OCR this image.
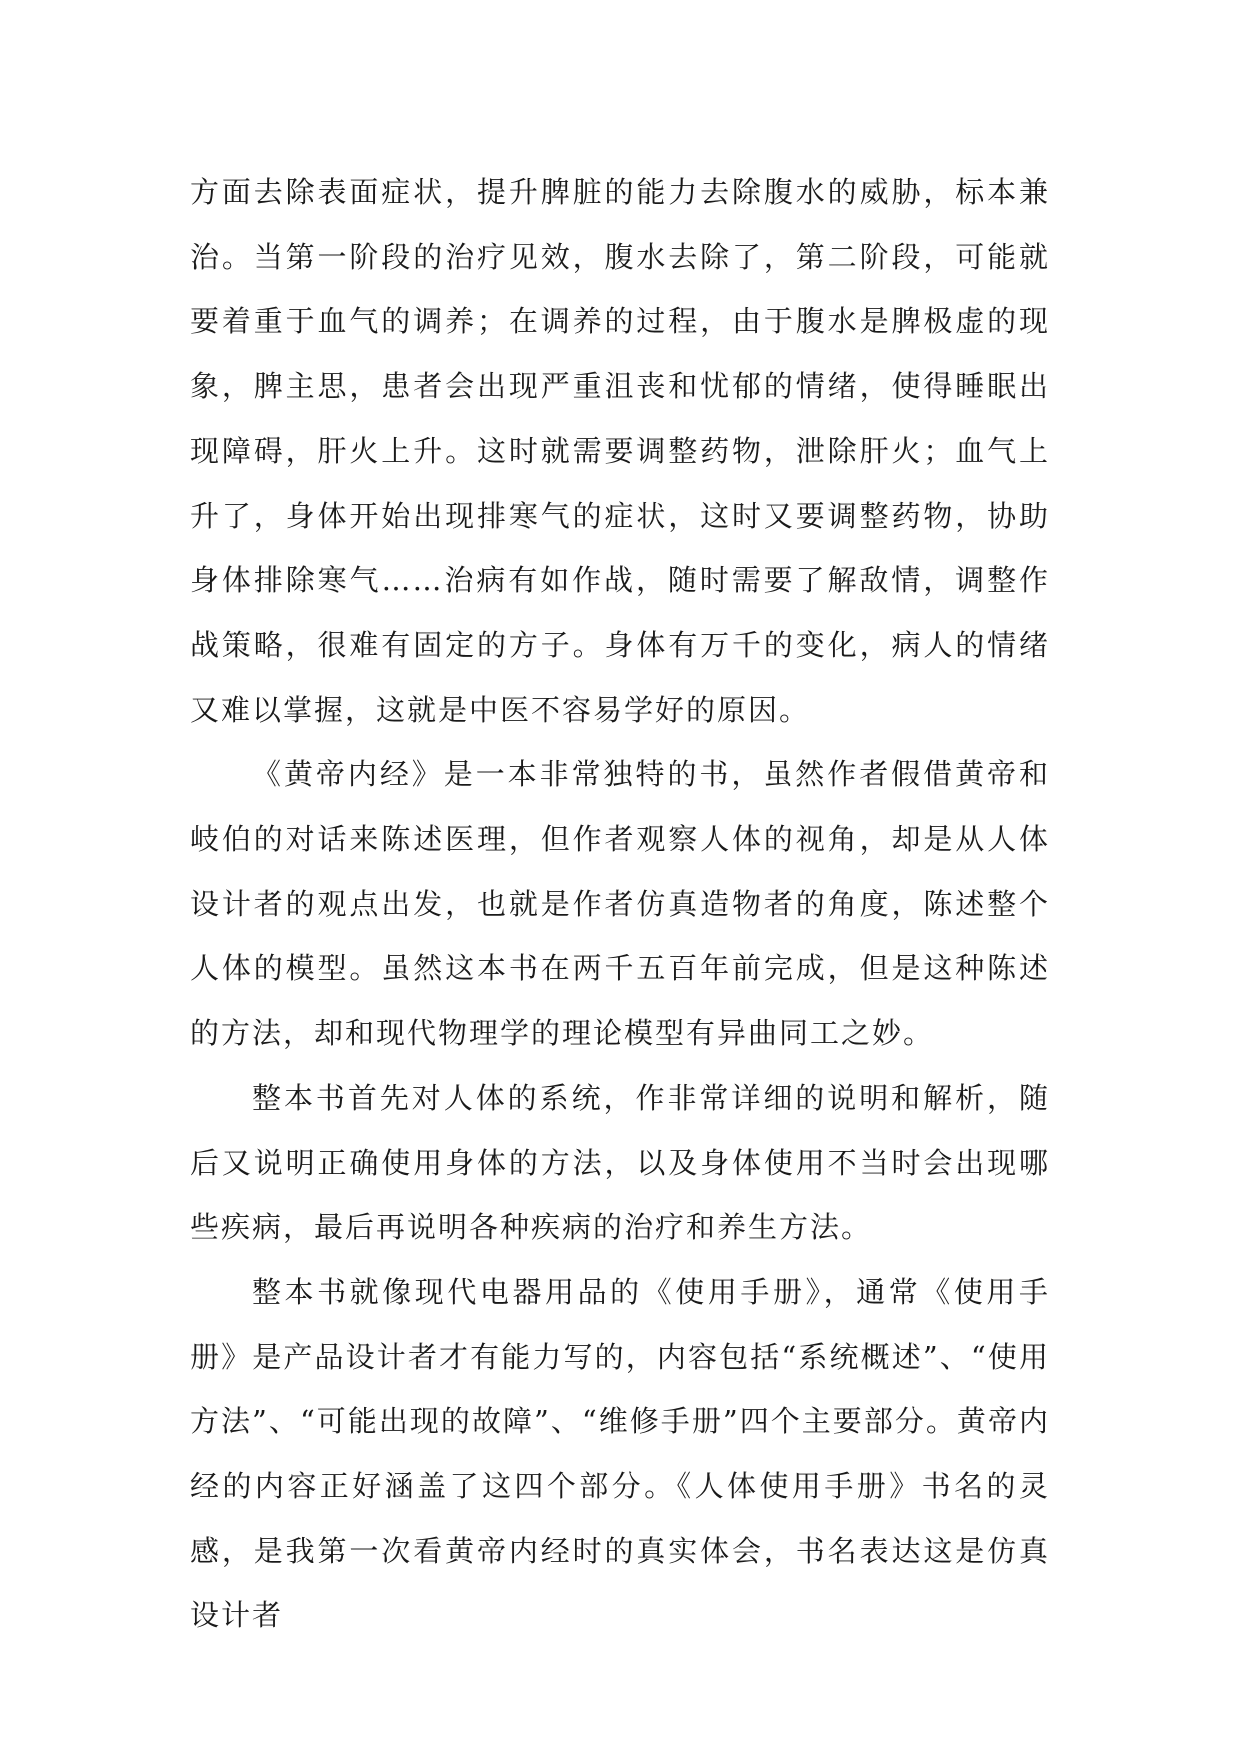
方面去除表面症状，提升脾脏的能力去除腹水的威胁，标本兼治。当第一阶段的治疗见效，腹水去除了，第二阶段，可能就要着重于血气的调养；在调养的过程，由于腹水是脾极虚的现象，脾主思，患者会出现严重沮丧和忧郁的情绪，使得睡眠出现障碍，肝火上升。这时就需要调整药物，泄除肝火；血气上升了，身体开始出现排寒气的症状，这时又要调整药物，协助身体排除寒气……治病有如作战，随时需要了解敌情，调整作战策略，很难有固定的方子。身体有万千的变化，病人的情绪又难以掌握，这就是中医不容易学好的原因。

《黄帝内经》是一本非常独特的书，虽然作者假借黄帝和岐伯的对话来陈述医理，但作者观察人体的视角，却是从人体设计者的观点出发，也就是作者仿真造物者的角度，陈述整个人体的模型。虽然这本书在两千五百年前完成，但是这种陈述的方法，却和现代物理学的理论模型有异曲同工之妙。

整本书首先对人体的系统，作非常详细的说明和解析，随后又说明正确使用身体的方法，以及身体使用不当时会出现哪些疾病，最后再说明各种疾病的治疗和养生方法。

整本书就像现代电器用品的《使用手册》，通常《使用手册》是产品设计者才有能力写的，内容包括“系统概述”、“使用方法”、“可能出现的故障”、“维修手册”四个主要部分。黄帝内经的内容正好涵盖了这四个部分。《人体使用手册》书名的灵感，是我第一次看黄帝内经时的真实体会，书名表达这是仿真设计者
